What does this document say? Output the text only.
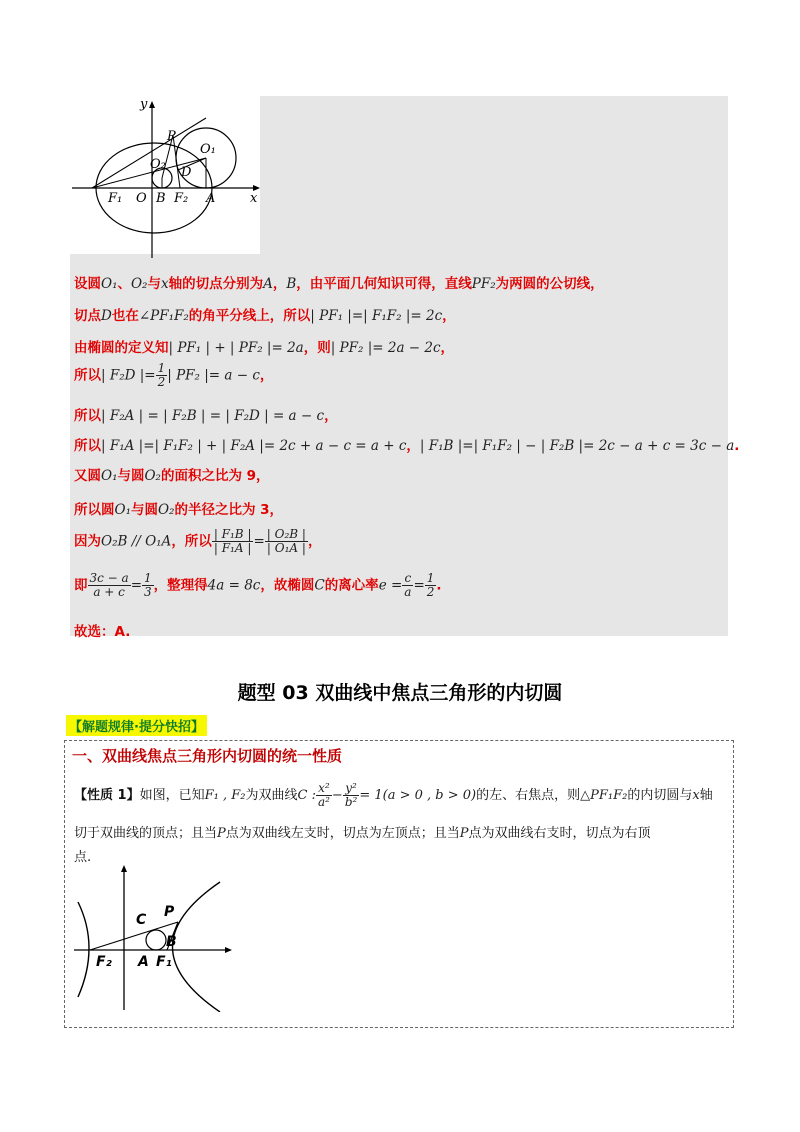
y
x
P
O₁
O₂
D
F₁ O B F₂ A
设圆O₁、O₂与x轴的切点分别为A，B，由平面几何知识可得，直线PF₂为两圆的公切线，
切点D也在∠PF₁F₂的角平分线上，所以| PF₁ |=| F₁F₂ |= 2c，
由椭圆的定义知| PF₁ | + | PF₂ |= 2a，则| PF₂ |= 2a − 2c，
所以| F₂D |= $\frac{1}{2}$ | PF₂ |= a − c，
所以| F₂A | = | F₂B | = | F₂D | = a − c，
所以| F₁A |=| F₁F₂ | + | F₂A |= 2c + a − c = a + c，| F₁B |=| F₁F₂ | − | F₂B |= 2c − a + c = 3c − a.
又圆O₁与圆O₂的面积之比为 9，
所以圆O₁与圆O₂的半径之比为 3，
因为O₂B // O₁A，所以 $\frac{\text{| F₁B |}}{\text{| F₁A |}} = \frac{\text{| O₂B |}}{\text{| O₁A |}}$ ，
即 $\frac{3c - a}{a + c} = \frac{1}{3}$ ，整理得4a = 8c，故椭圆C的离心率$e = \frac{c}{a} = \frac{1}{2}$ .
故选：A.
题型 03 双曲线中焦点三角形的内切圆
【解题规律·提分快招】
一、双曲线焦点三角形内切圆的统一性质
【性质 1】如图，已知F₁ , F₂为双曲线C : $\frac{\text{x²}}{\text{a²}} - \frac{\text{y²}}{\text{b²}} = 1(a > 0$ , b > 0)的左、右焦点，则△PF₁F₂的内切圆与x轴
切于双曲线的顶点；且当P点为双曲线左支时，切点为左顶点；且当P点为双曲线右支时，切点为右顶
点.
C P
B
F₂ A F₁
